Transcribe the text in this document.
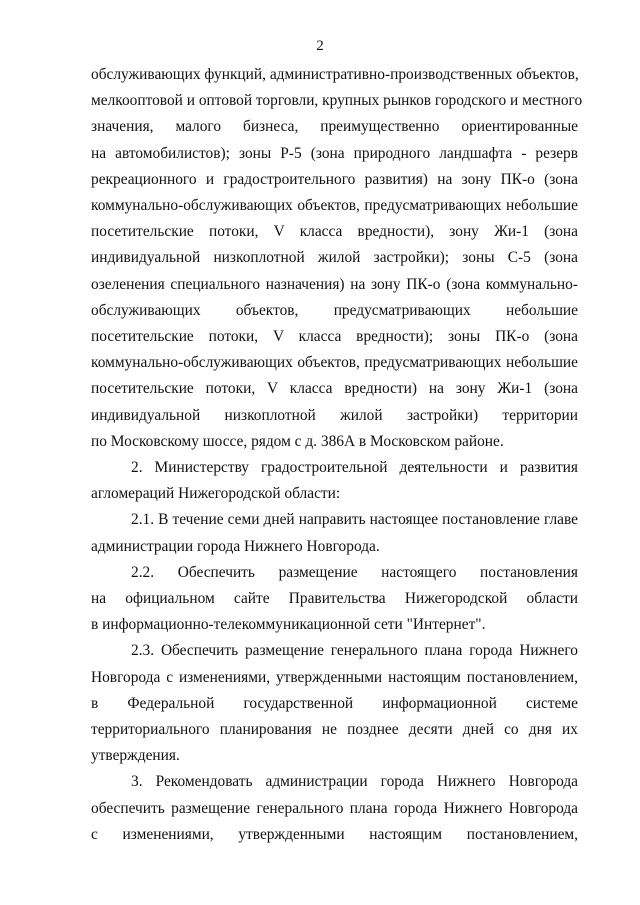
2

обслуживающих функций, административно-производственных объектов,
мелкооптовой и оптовой торговли, крупных рынков городского и местного
значения, малого бизнеса, преимущественно ориентированные
на автомобилистов); зоны Р-5 (зона природного ландшафта - резерв
рекреационного и градостроительного развития) на зону ПК-о (зона
коммунально-обслуживающих объектов, предусматривающих небольшие
посетительские потоки, V класса вредности), зону Жи-1 (зона
индивидуальной низкоплотной жилой застройки); зоны С-5 (зона
озеленения специального назначения) на зону ПК-о (зона коммунально-
обслуживающих объектов, предусматривающих небольшие
посетительские потоки, V класса вредности); зоны ПК-о (зона
коммунально-обслуживающих объектов, предусматривающих небольшие
посетительские потоки, V класса вредности) на зону Жи-1 (зона
индивидуальной низкоплотной жилой застройки) территории
по Московскому шоссе, рядом с д. 386А в Московском районе.

2. Министерству градостроительной деятельности и развития
агломераций Нижегородской области:

2.1. В течение семи дней направить настоящее постановление главе
администрации города Нижнего Новгорода.

2.2. Обеспечить размещение настоящего постановления
на официальном сайте Правительства Нижегородской области
в информационно-телекоммуникационной сети "Интернет".

2.3. Обеспечить размещение генерального плана города Нижнего
Новгорода с изменениями, утвержденными настоящим постановлением,
в Федеральной государственной информационной системе
территориального планирования не позднее десяти дней со дня их
утверждения.

3. Рекомендовать администрации города Нижнего Новгорода
обеспечить размещение генерального плана города Нижнего Новгорода
с изменениями, утвержденными настоящим постановлением,
